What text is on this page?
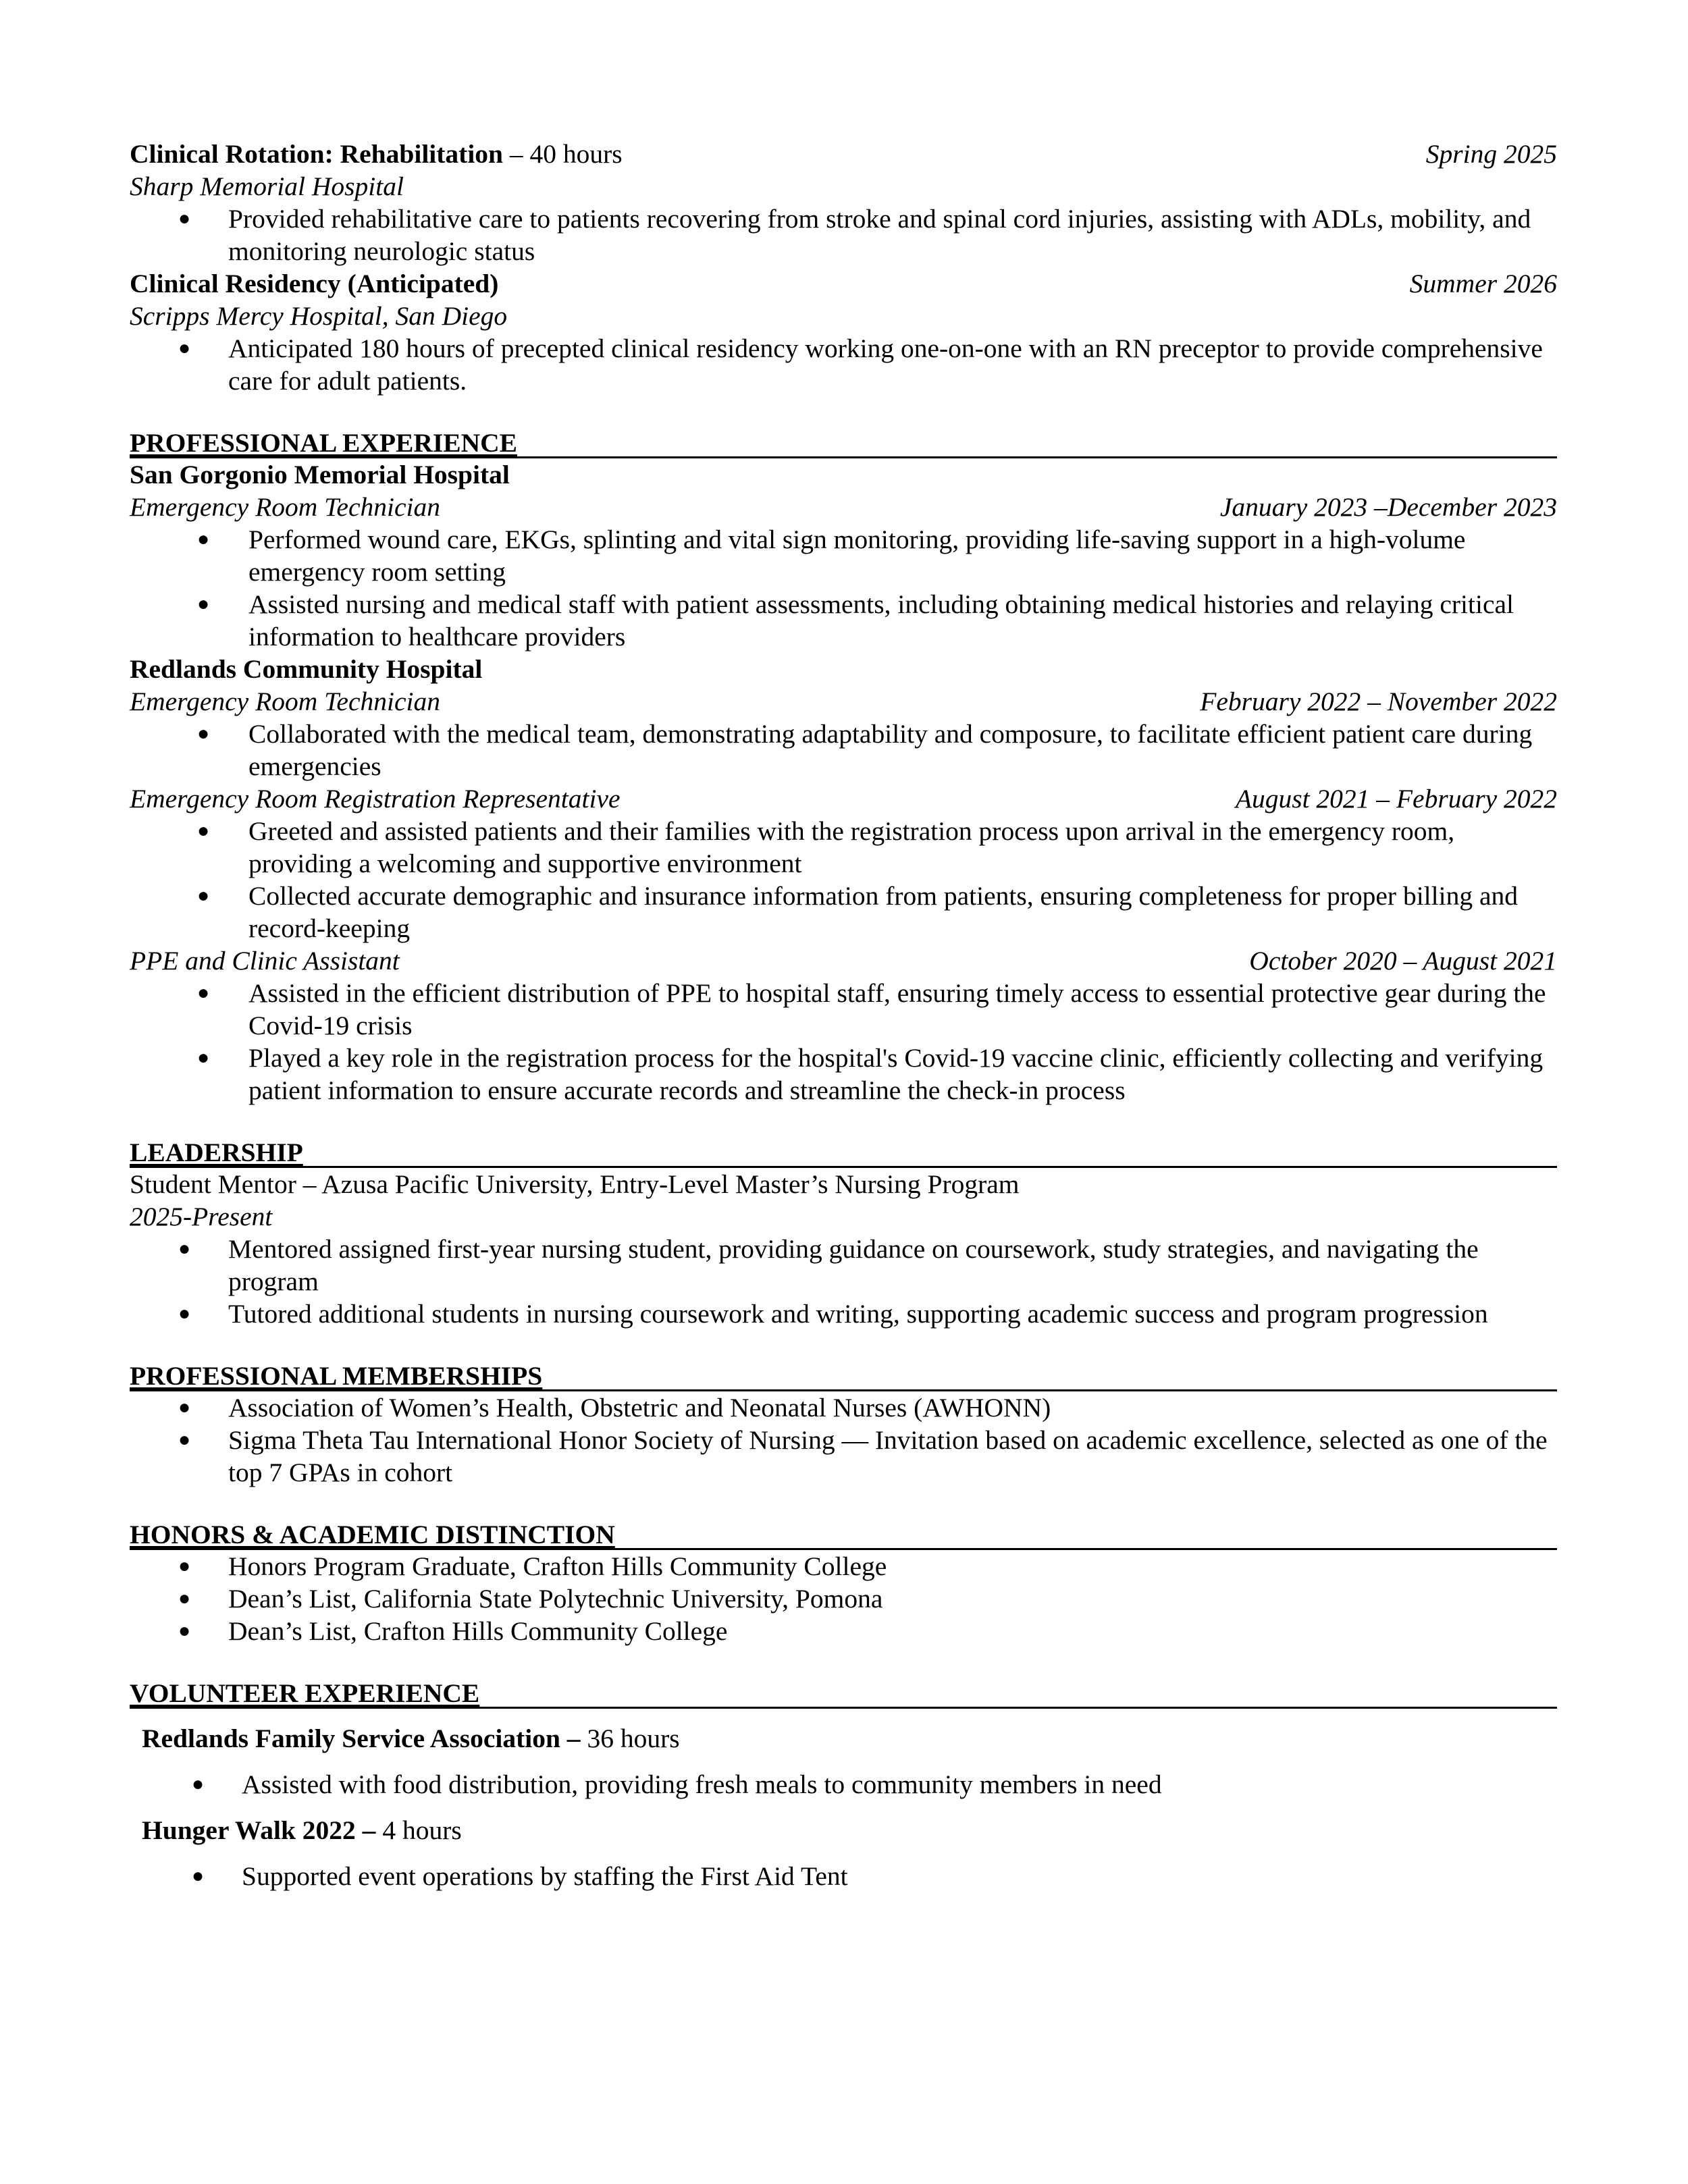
Clinical Rotation: Rehabilitation – 40 hours	Spring 2025
Sharp Memorial Hospital
● Provided rehabilitative care to patients recovering from stroke and spinal cord injuries, assisting with ADLs, mobility, and monitoring neurologic status
Clinical Residency (Anticipated)	Summer 2026
Scripps Mercy Hospital, San Diego
● Anticipated 180 hours of precepted clinical residency working one-on-one with an RN preceptor to provide comprehensive care for adult patients.
PROFESSIONAL EXPERIENCE
San Gorgonio Memorial Hospital
Emergency Room Technician	January 2023 –December 2023
● Performed wound care, EKGs, splinting and vital sign monitoring, providing life-saving support in a high-volume emergency room setting
● Assisted nursing and medical staff with patient assessments, including obtaining medical histories and relaying critical information to healthcare providers
Redlands Community Hospital
Emergency Room Technician	February 2022 – November 2022
● Collaborated with the medical team, demonstrating adaptability and composure, to facilitate efficient patient care during emergencies
Emergency Room Registration Representative	August 2021 – February 2022
● Greeted and assisted patients and their families with the registration process upon arrival in the emergency room, providing a welcoming and supportive environment
● Collected accurate demographic and insurance information from patients, ensuring completeness for proper billing and record-keeping
PPE and Clinic Assistant	October 2020 – August 2021
● Assisted in the efficient distribution of PPE to hospital staff, ensuring timely access to essential protective gear during the Covid-19 crisis
● Played a key role in the registration process for the hospital's Covid-19 vaccine clinic, efficiently collecting and verifying patient information to ensure accurate records and streamline the check-in process
LEADERSHIP
Student Mentor – Azusa Pacific University, Entry-Level Master’s Nursing Program
2025-Present
● Mentored assigned first-year nursing student, providing guidance on coursework, study strategies, and navigating the program
● Tutored additional students in nursing coursework and writing, supporting academic success and program progression
PROFESSIONAL MEMBERSHIPS
● Association of Women’s Health, Obstetric and Neonatal Nurses (AWHONN)
● Sigma Theta Tau International Honor Society of Nursing — Invitation based on academic excellence, selected as one of the top 7 GPAs in cohort
HONORS & ACADEMIC DISTINCTION
● Honors Program Graduate, Crafton Hills Community College
● Dean’s List, California State Polytechnic University, Pomona
● Dean’s List, Crafton Hills Community College
VOLUNTEER EXPERIENCE
Redlands Family Service Association – 36 hours
● Assisted with food distribution, providing fresh meals to community members in need
Hunger Walk 2022 – 4 hours
● Supported event operations by staffing the First Aid Tent
